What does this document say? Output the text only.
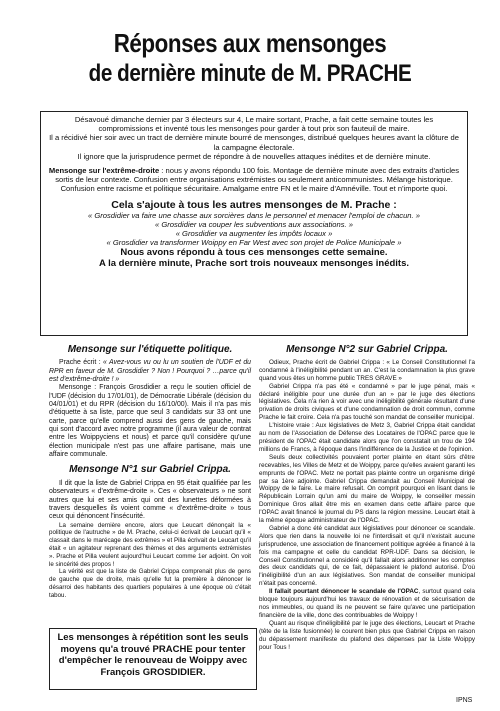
Réponses aux mensonges
de dernière minute de M. PRACHE

Désavoué dimanche dernier par 3 électeurs sur 4, Le maire sortant, Prache, a fait cette semaine toutes les compromissions et inventé tous les mensonges pour garder à tout prix son fauteuil de maire.

Il a récidivé hier soir avec un tract de dernière minute bourré de mensonges, distribué quelques heures avant la clôture de la campagne électorale.

Il ignore que la jurisprudence permet de répondre à de nouvelles attaques inédites et de dernière minute.

Mensonge sur l'extrême-droite : nous y avons répondu 100 fois. Montage de dernière minute avec des extraits d'articles sortis de leur contexte. Confusion entre organisations extrémistes ou seulement anticommunistes. Mélange historique. Confusion entre racisme et politique sécuritaire. Amalgame entre FN et le maire d'Amnéville. Tout et n'importe quoi.

Cela s'ajoute à tous les autres mensonges de M. Prache :

« Grosdidier va faire une chasse aux sorcières dans le personnel et menacer l'emploi de chacun. »

« Grosdidier va couper les subventions aux associations. »

« Grosdidier va augmenter les impôts locaux »

« Grosdidier va transformer Woippy en Far West avec son projet de Police Municipale »

Nous avons répondu à tous ces mensonges cette semaine.

A la dernière minute, Prache sort trois nouveaux mensonges inédits.

Mensonge sur l'étiquette politique.

Prache écrit : « Avez-vous vu ou lu un soutien de l'UDF et du RPR en faveur de M. Grosdidier ? Non ! Pourquoi ? …parce qu'il est d'extrême-droite ! »

Mensonge : François Grosdidier a reçu le soutien officiel de l'UDF (décision du 17/01/01), de Démocratie Libérale (décision du 04/01/01) et du RPR (décision du 16/10/00). Mais il n'a pas mis d'étiquette à sa liste, parce que seul 3 candidats sur 33 ont une carte, parce qu'elle comprend aussi des gens de gauche, mais qui sont d'accord avec notre programme (il aura valeur de contrat entre les Woippyciens et nous) et parce qu'il considère qu'une élection municipale n'est pas une affaire partisane, mais une affaire communale.

Mensonge N°1 sur Gabriel Crippa.

Il dit que la liste de Gabriel Crippa en 95 était qualifiée par les observateurs « d'extrême-droite ». Ces « observateurs » ne sont autres que lui et ses amis qui ont des lunettes déformées à travers desquelles ils voient comme « d'extrême-droite » tous ceux qui dénoncent l'insécurité.

La semaine dernière encore, alors que Leucart dénonçait la « politique de l'autruche » de M. Prache, celui-ci écrivait de Leucart qu'il « classait dans le marécage des extrêmes » et Pilla écrivait de Leucart qu'il était « un agitateur reprenant des thèmes et des arguments extrémistes ». Prache et Pilla veulent aujourd'hui Leucart comme 1er adjoint. On voit le sincérité des propos !

La vérité est que la liste de Gabriel Crippa comprenait plus de gens de gauche que de droite, mais qu'elle fut la première à dénoncer le désarroi des habitants des quartiers populaires à une époque où c'était tabou.

Mensonge N°2 sur Gabriel Crippa.

Odieux, Prache écrit de Gabriel Crippa : « Le Conseil Constitutionnel l'a condamné à l'inéligibilité pendant un an. C'est la condamnation la plus grave quand vous êtes un homme public TRES GRAVE »

Gabriel Crippa n'a pas été « condamné » par le juge pénal, mais « déclaré inéligible pour une durée d'un an » par le juge des élections législatives. Cela n'a rien à voir avec une inéligibilité générale résultant d'une privation de droits civiques et d'une condamnation de droit commun, comme Prache le fait croire. Cela n'a pas touché son mandat de conseiller municipal.

L'histoire vraie : Aux législatives de Metz 3, Gabriel Crippa était candidat au nom de l'Association de Défense des Locataires de l'OPAC parce que le président de l'OPAC était candidate alors que l'on constatait un trou de 194 millions de Francs, à l'époque dans l'indifférence de la Justice et de l'opinion.

Seuls deux collectivités pouvaient porter plainte en étant sûrs d'être recevables, les Villes de Metz et de Woippy, parce qu'elles avaient garanti les emprunts de l'OPAC. Metz ne portait pas plainte contre un organisme dirigé par sa 1ère adjointe. Gabriel Crippa demandait au Conseil Municipal de Woippy de le faire. Le maire refusait. On comprit pourquoi en lisant dans le Républicain Lorrain qu'un ami du maire de Woippy, le conseiller messin Dominique Gros allait être mis en examen dans cette affaire parce que l'OPAC avait financé le journal du PS dans la région messine. Leucart était à la même époque administrateur de l'OPAC.

Gabriel a donc été candidat aux législatives pour dénoncer ce scandale. Alors que rien dans la nouvelle loi ne l'interdisait et qu'il n'existait aucune jurisprudence, une association de financement politique agréée a financé à la fois ma campagne et celle du candidat RPR-UDF. Dans sa décision, le Conseil Constitutionnel a considéré qu'il fallait alors additionner les comptes des deux candidats qui, de ce fait, dépassaient le plafond autorisé. D'où l'inéligibilité d'un an aux législatives. Son mandat de conseiller municipal n'était pas concerné.

Il fallait pourtant dénoncer le scandale de l'OPAC, surtout quand cela bloque toujours aujourd'hui les travaux de rénovation et de sécurisation de nos immeubles, ou quand ils ne peuvent se faire qu'avec une participation financière de la ville, donc des contribuables de Woippy !

Quant au risque d'inéligibilité par le juge des élections, Leucart et Prache (tête de la liste fusionnée) le courent bien plus que Gabriel Crippa en raison du dépassement manifeste du plafond des dépenses par la Liste Woippy pour Tous !

Les mensonges à répétition sont les seuls moyens qu'a trouvé PRACHE pour tenter d'empêcher le renouveau de Woippy avec François GROSDIDIER.
IPNS
